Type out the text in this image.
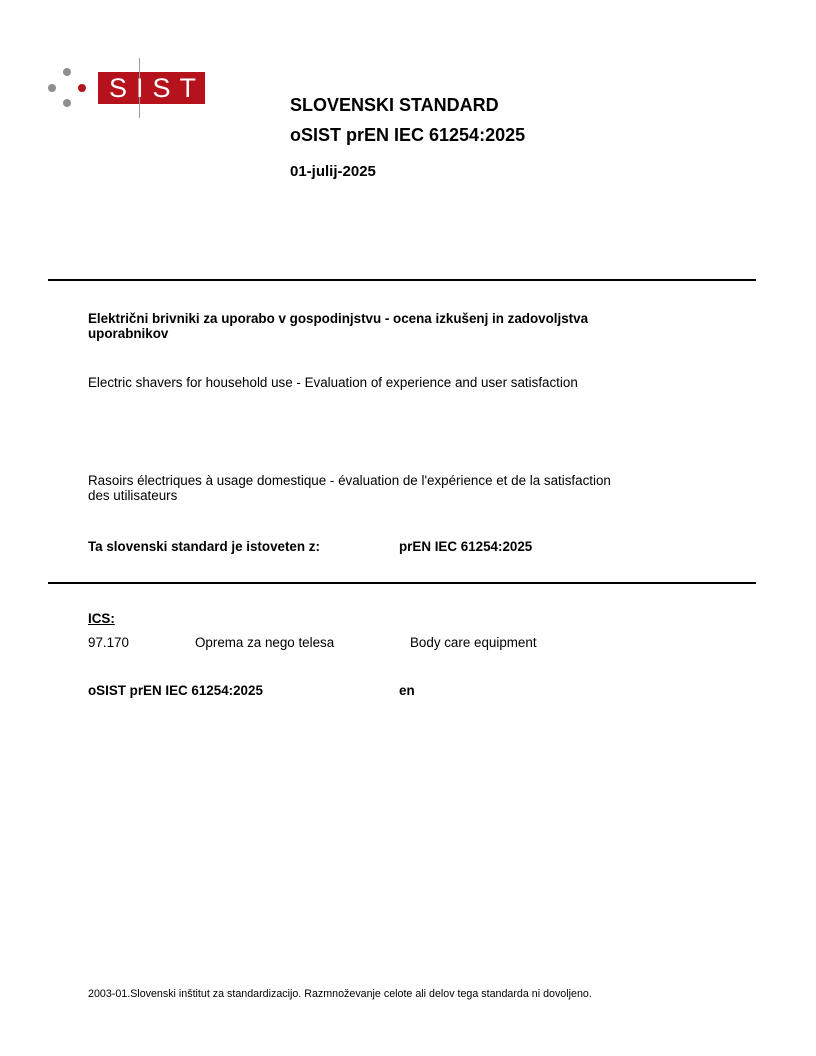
SIST
SLOVENSKI STANDARD
oSIST prEN IEC 61254:2025
01-julij-2025
Električni brivniki za uporabo v gospodinjstvu - ocena izkušenj in zadovoljstva
uporabnikov
Electric shavers for household use - Evaluation of experience and user satisfaction
Rasoirs électriques à usage domestique - évaluation de l'expérience et de la satisfaction
des utilisateurs
Ta slovenski standard je istoveten z:	prEN IEC 61254:2025
ICS:
97.170	Oprema za nego telesa	Body care equipment
oSIST prEN IEC 61254:2025	en
2003-01.Slovenski inštitut za standardizacijo. Razmnoževanje celote ali delov tega standarda ni dovoljeno.
